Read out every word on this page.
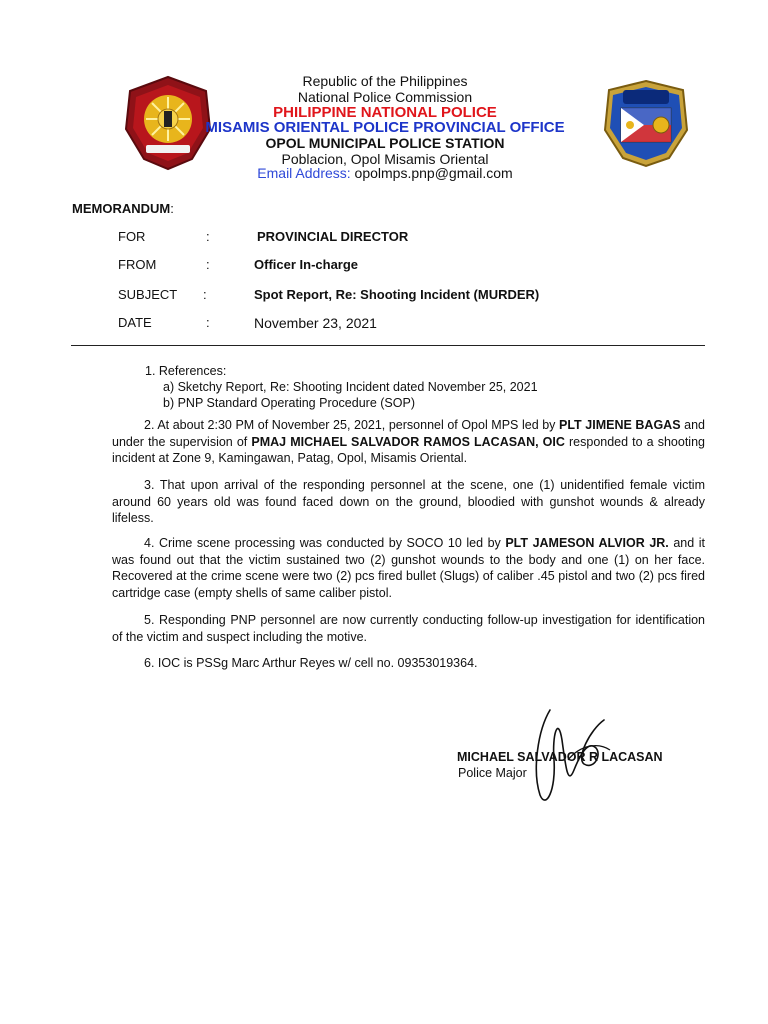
Republic of the Philippines
National Police Commission
PHILIPPINE NATIONAL POLICE
MISAMIS ORIENTAL POLICE PROVINCIAL OFFICE
OPOL MUNICIPAL POLICE STATION
Poblacion, Opol Misamis Oriental
Email Address: opolmps.pnp@gmail.com
MEMORANDUM:
FOR	:	PROVINCIAL DIRECTOR
FROM	:	Officer In-charge
SUBJECT	:	Spot Report, Re: Shooting Incident (MURDER)
DATE	:	November 23, 2021
1. References:
a) Sketchy Report, Re: Shooting Incident dated November 25, 2021
b) PNP Standard Operating Procedure (SOP)
2. At about 2:30 PM of November 25, 2021, personnel of Opol MPS led by PLT JIMENE BAGAS and under the supervision of PMAJ MICHAEL SALVADOR RAMOS LACASAN, OIC responded to a shooting incident at Zone 9, Kamingawan, Patag, Opol, Misamis Oriental.
3. That upon arrival of the responding personnel at the scene, one (1) unidentified female victim around 60 years old was found faced down on the ground, bloodied with gunshot wounds & already lifeless.
4. Crime scene processing was conducted by SOCO 10 led by PLT JAMESON ALVIOR JR. and it was found out that the victim sustained two (2) gunshot wounds to the body and one (1) on her face. Recovered at the crime scene were two (2) pcs fired bullet (Slugs) of caliber .45 pistol and two (2) pcs fired cartridge case (empty shells of same caliber pistol.
5. Responding PNP personnel are now currently conducting follow-up investigation for identification of the victim and suspect including the motive.
6. IOC is PSSg Marc Arthur Reyes w/ cell no. 09353019364.
MICHAEL SALVADOR R LACASAN
Police Major
